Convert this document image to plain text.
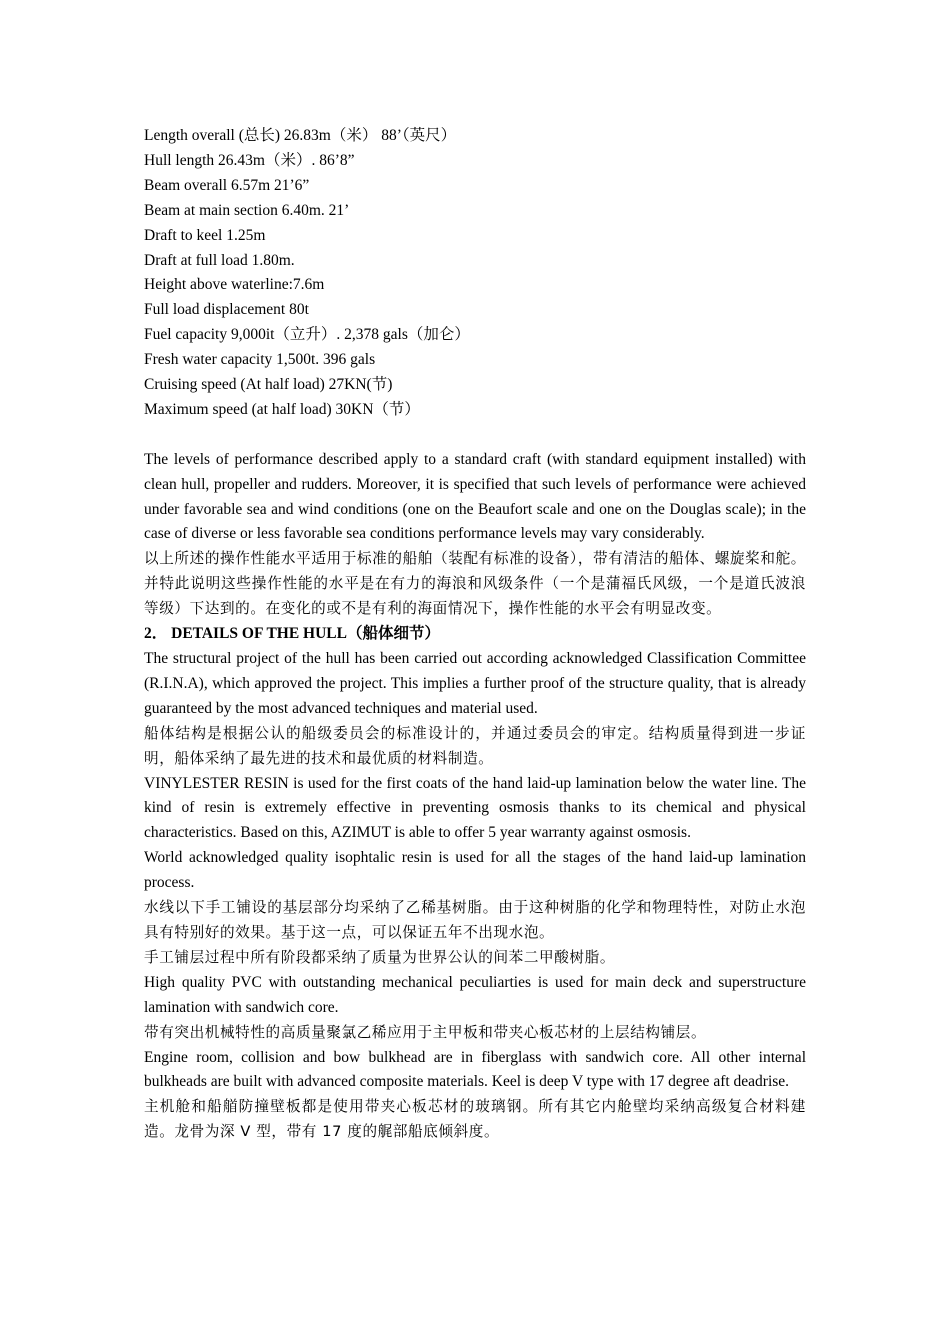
Length overall (总长) 26.83m（米） 88’（英尺）
Hull length 26.43m（米）. 86’8”
Beam overall 6.57m 21’6”
Beam at main section 6.40m. 21’
Draft to keel 1.25m
Draft at full load 1.80m.
Height above waterline:7.6m
Full load displacement 80t
Fuel capacity 9,000it（立升）. 2,378 gals（加仑）
Fresh water capacity 1,500t. 396 gals
Cruising speed (At half load) 27KN(节)
Maximum speed (at half load) 30KN（节）

The levels of performance described apply to a standard craft (with standard equipment installed) with clean hull, propeller and rudders. Moreover, it is specified that such levels of performance were achieved under favorable sea and wind conditions (one on the Beaufort scale and one on the Douglas scale); in the case of diverse or less favorable sea conditions performance levels may vary considerably.

以上所述的操作性能水平适用于标准的船舶（装配有标准的设备），带有清洁的船体、螺旋桨和舵。并特此说明这些操作性能的水平是在有力的海浪和风级条件（一个是蒲福氏风级，一个是道氏波浪等级）下达到的。在变化的或不是有利的海面情况下，操作性能的水平会有明显改变。

2． DETAILS OF THE HULL（船体细节）

The structural project of the hull has been carried out according acknowledged Classification Committee (R.I.N.A), which approved the project. This implies a further proof of the structure quality, that is already guaranteed by the most advanced techniques and material used.

船体结构是根据公认的船级委员会的标准设计的，并通过委员会的审定。结构质量得到进一步证明，船体采纳了最先进的技术和最优质的材料制造。

VINYLESTER RESIN is used for the first coats of the hand laid-up lamination below the water line. The kind of resin is extremely effective in preventing osmosis thanks to its chemical and physical characteristics. Based on this, AZIMUT is able to offer 5 year warranty against osmosis.

World acknowledged quality isophtalic resin is used for all the stages of the hand laid-up lamination process.

水线以下手工铺设的基层部分均采纳了乙稀基树脂。由于这种树脂的化学和物理特性，对防止水泡具有特别好的效果。基于这一点，可以保证五年不出现水泡。

手工铺层过程中所有阶段都采纳了质量为世界公认的间苯二甲酸树脂。

High quality PVC with outstanding mechanical peculiarties is used for main deck and superstructure lamination with sandwich core.

带有突出机械特性的高质量聚氯乙稀应用于主甲板和带夹心板芯材的上层结构铺层。

Engine room, collision and bow bulkhead are in fiberglass with sandwich core. All other internal bulkheads are built with advanced composite materials. Keel is deep V type with 17 degree aft deadrise.

主机舱和船艏防撞壁板都是使用带夹心板芯材的玻璃钢。所有其它内舱壁均采纳高级复合材料建造。龙骨为深 V 型，带有 17 度的艉部船底倾斜度。
